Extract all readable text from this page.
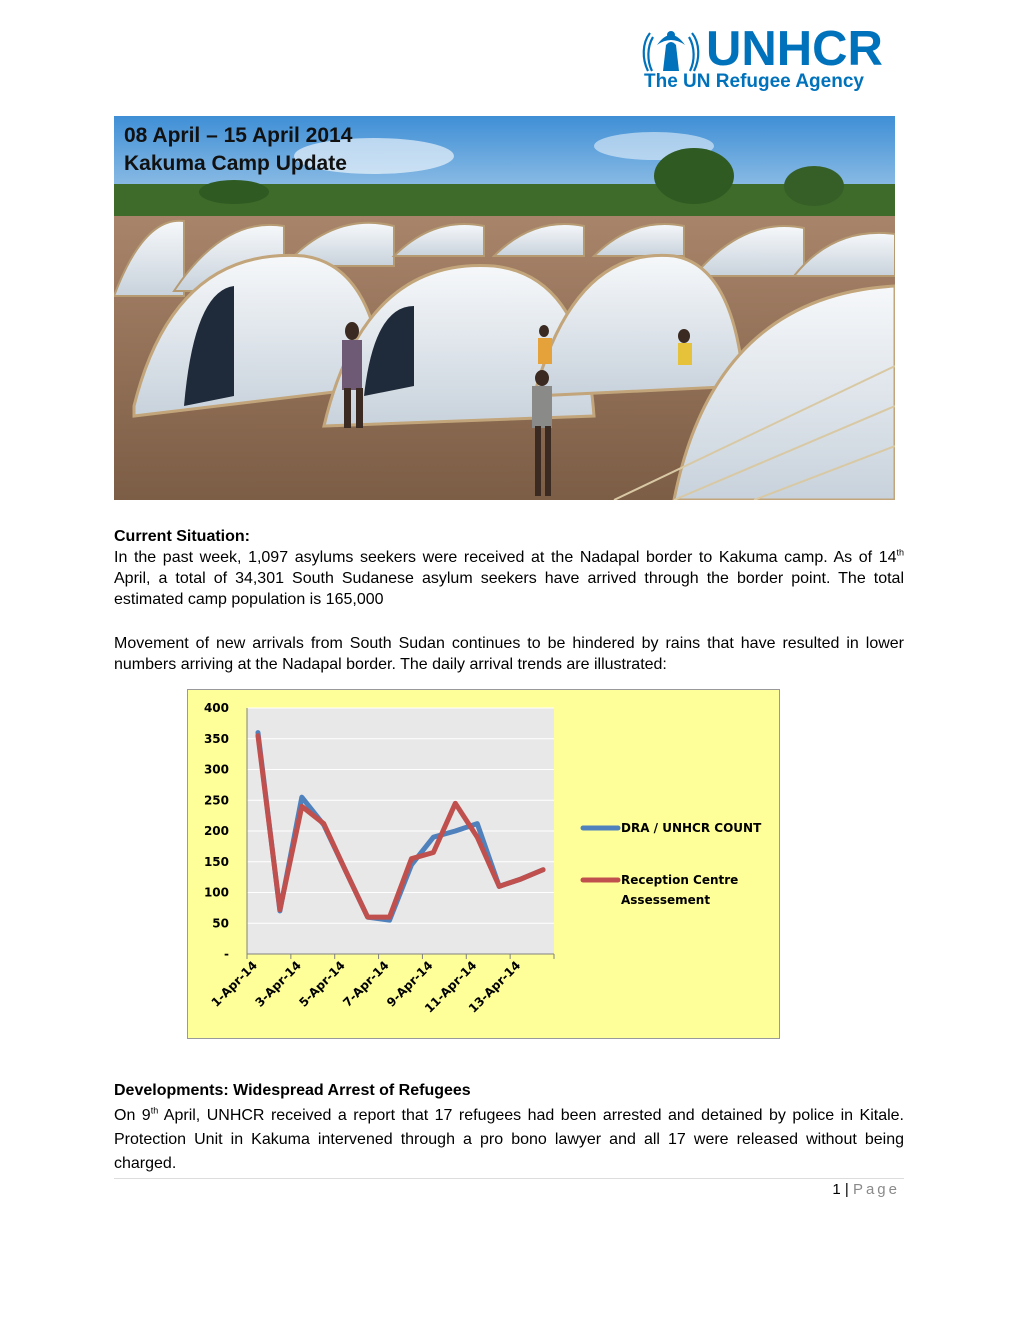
UNHCR
The UN Refugee Agency
08 April – 15 April 2014
Kakuma Camp Update
Current Situation:
In the past week, 1,097 asylums seekers were received at the Nadapal border to Kakuma camp. As of 14th April, a total of 34,301 South Sudanese asylum seekers have arrived through the border point. The total estimated camp population is 165,000
Movement of new arrivals from South Sudan continues to be hindered by rains that have resulted in lower numbers arriving at the Nadapal border. The daily arrival trends are illustrated:
-
50
100
150
200
250
300
350
400
1-Apr-14
3-Apr-14
5-Apr-14
7-Apr-14
9-Apr-14
11-Apr-14
13-Apr-14
DRA / UNHCR COUNT
Reception Centre
Assessement
Developments: Widespread Arrest of Refugees
On 9th April, UNHCR received a report that 17 refugees had been arrested and detained by police in Kitale. Protection Unit in Kakuma intervened through a pro bono lawyer and all 17 were released without being charged.
1 | Page
